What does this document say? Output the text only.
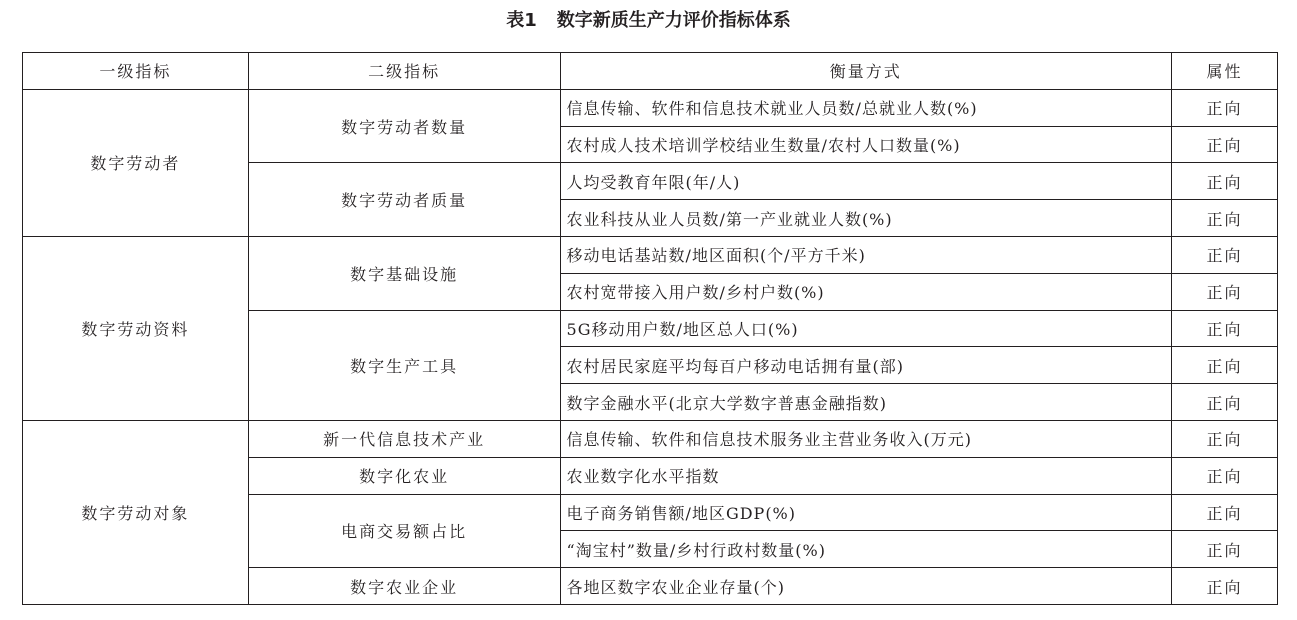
表1 数字新质生产力评价指标体系
一级指标	二级指标	衡量方式	属性
数字劳动者	数字劳动者数量	信息传输、软件和信息技术就业人员数/总就业人数(%)	正向
		农村成人技术培训学校结业生数量/农村人口数量(%)	正向
	数字劳动者质量	人均受教育年限(年/人)	正向
		农业科技从业人员数/第一产业就业人数(%)	正向
数字劳动资料	数字基础设施	移动电话基站数/地区面积(个/平方千米)	正向
		农村宽带接入用户数/乡村户数(%)	正向
	数字生产工具	5G移动用户数/地区总人口(%)	正向
		农村居民家庭平均每百户移动电话拥有量(部)	正向
		数字金融水平(北京大学数字普惠金融指数)	正向
数字劳动对象	新一代信息技术产业	信息传输、软件和信息技术服务业主营业务收入(万元)	正向
	数字化农业	农业数字化水平指数	正向
	电商交易额占比	电子商务销售额/地区GDP(%)	正向
		“淘宝村”数量/乡村行政村数量(%)	正向
	数字农业企业	各地区数字农业企业存量(个)	正向
